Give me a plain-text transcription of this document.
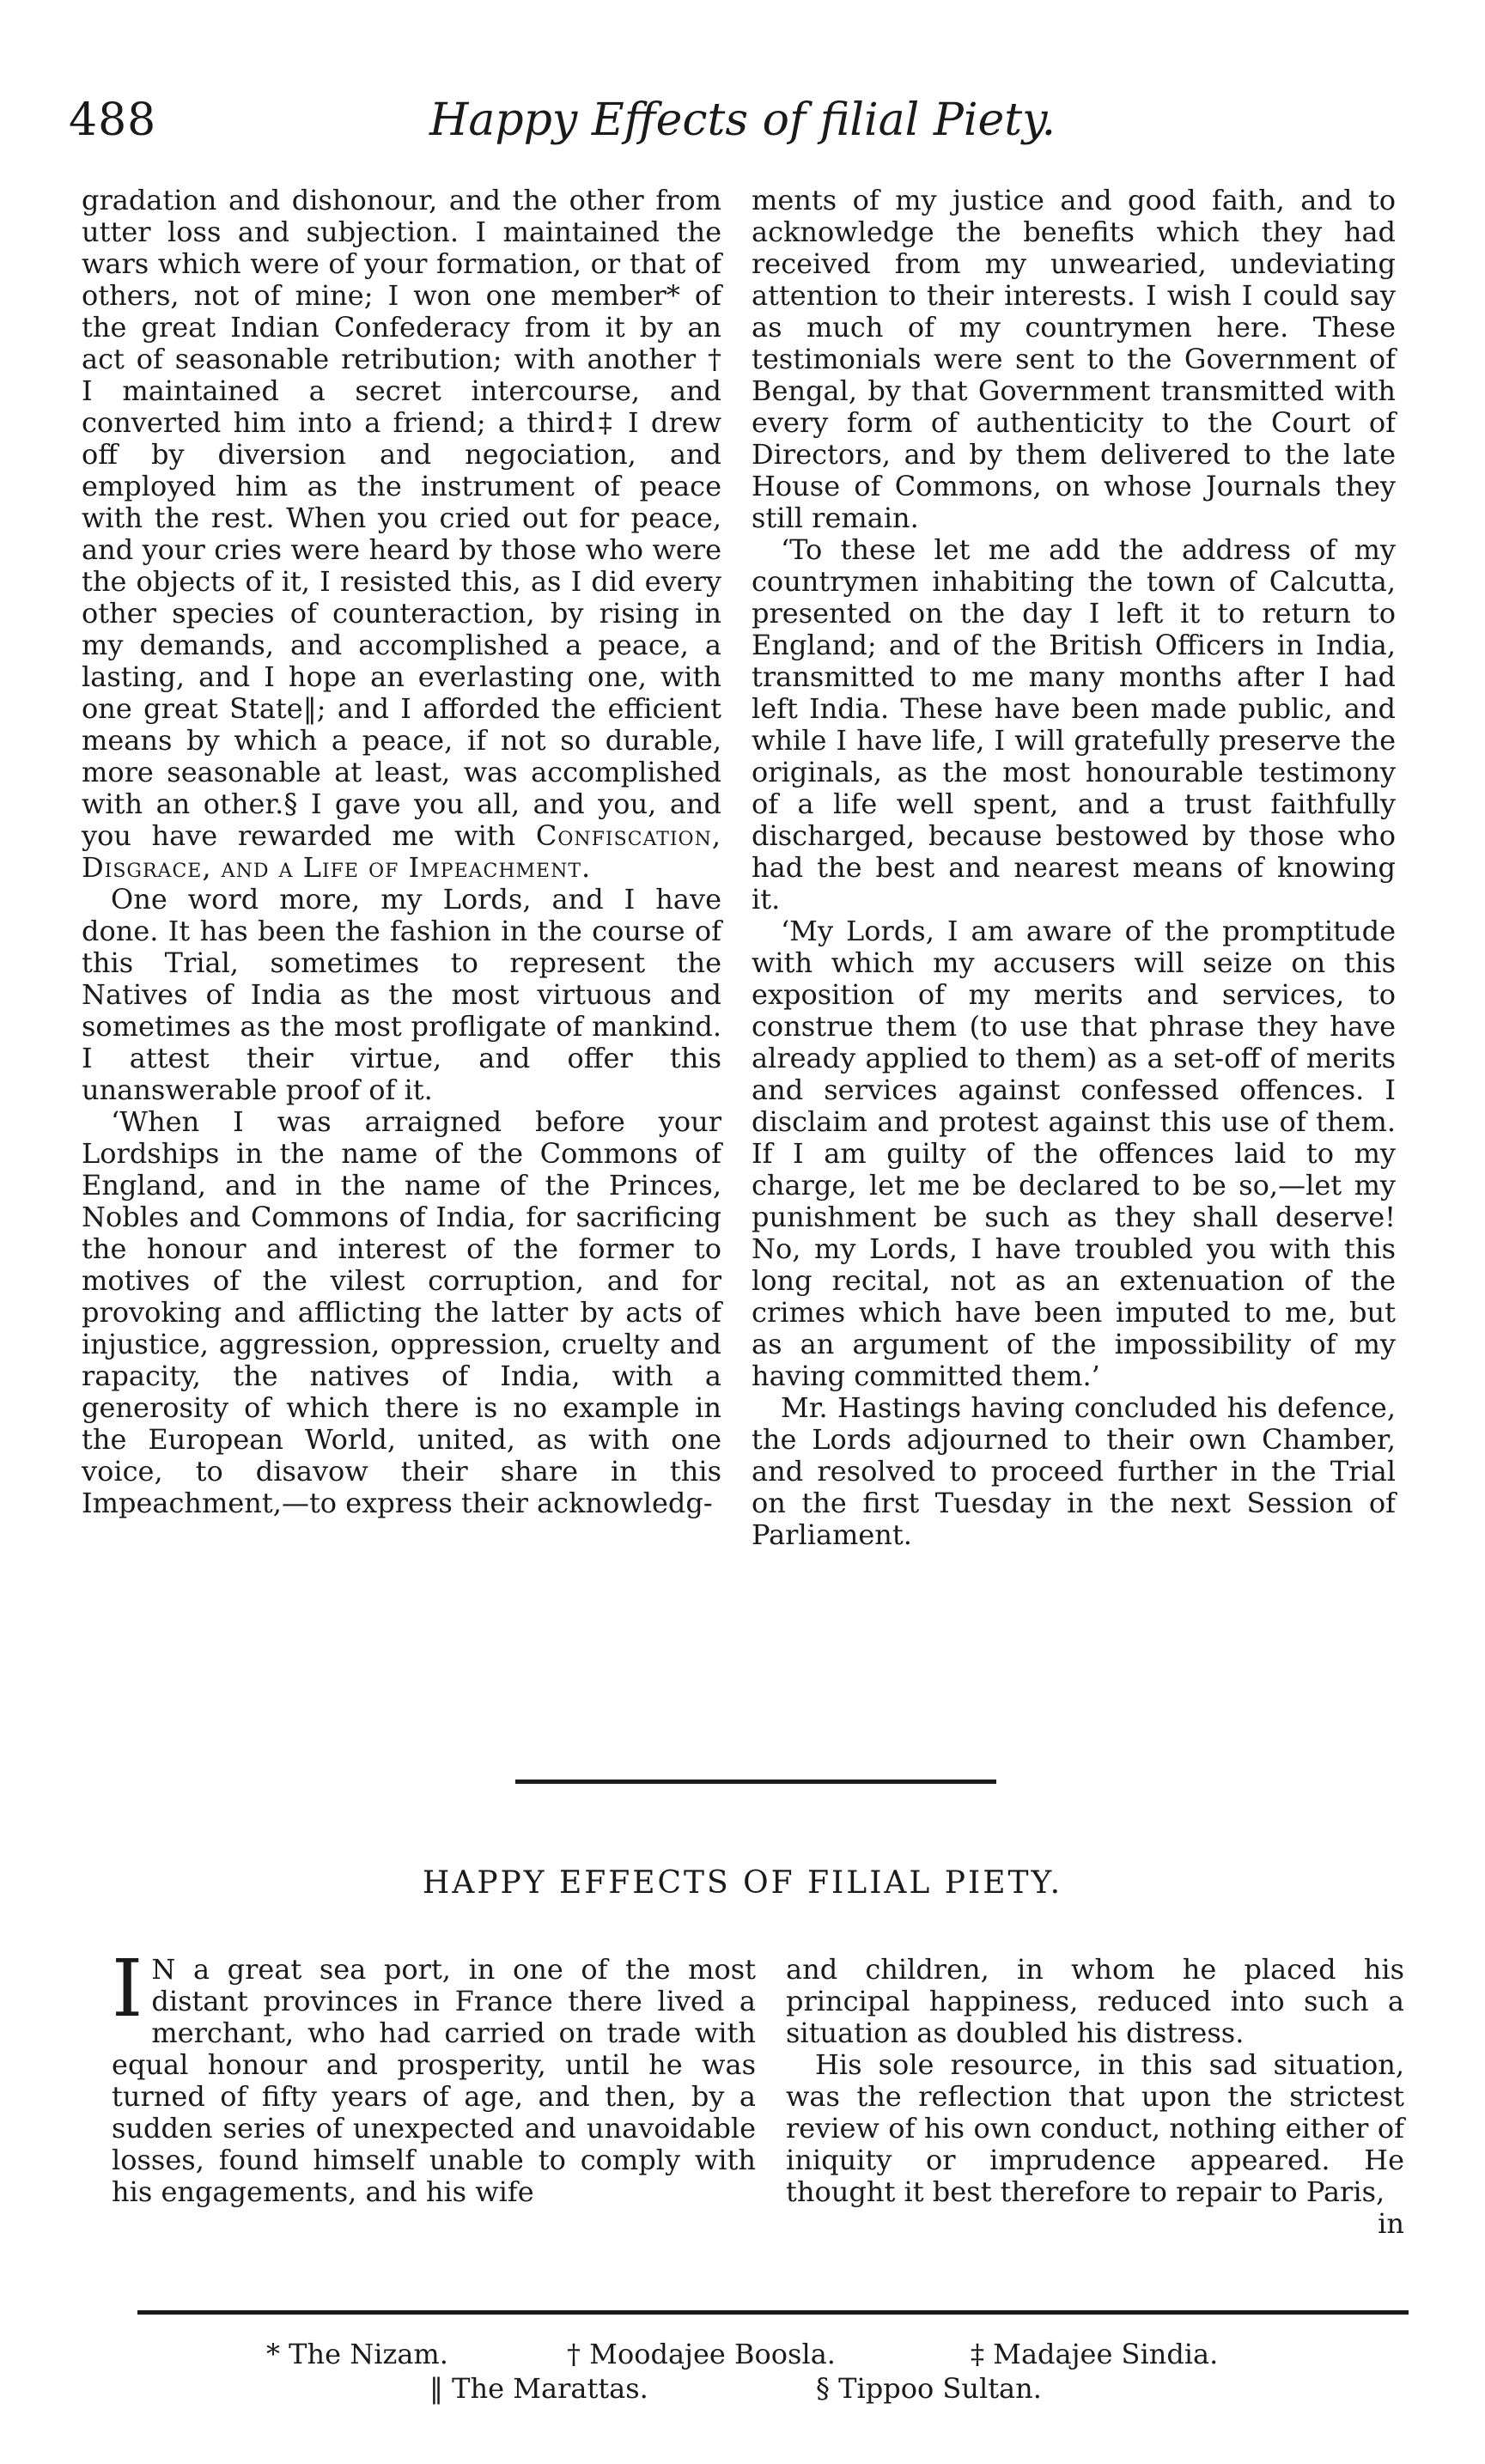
488	Happy Effects of filial Piety.

gradation and dishonour, and the other from utter loss and subjection. I maintained the wars which were of your formation, or that of others, not of mine; I won one member* of the great Indian Confederacy from it by an act of seasonable retribution; with another † I maintained a secret intercourse, and converted him into a friend; a third‡ I drew off by diversion and negociation, and employed him as the instrument of peace with the rest. When you cried out for peace, and your cries were heard by those who were the objects of it, I resisted this, as I did every other species of counteraction, by rising in my demands, and accomplished a peace, a lasting, and I hope an everlasting one, with one great State‖; and I afforded the efficient means by which a peace, if not so durable, more seasonable at least, was accomplished with an other.§ I gave you all, and you, and you have rewarded me with Confiscation, Disgrace, and a Life of Impeachment.

One word more, my Lords, and I have done. It has been the fashion in the course of this Trial, sometimes to represent the Natives of India as the most virtuous and sometimes as the most profligate of mankind. I attest their virtue, and offer this unanswerable proof of it.

‘When I was arraigned before your Lordships in the name of the Commons of England, and in the name of the Princes, Nobles and Commons of India, for sacrificing the honour and interest of the former to motives of the vilest corruption, and for provoking and afflicting the latter by acts of injustice, aggression, oppression, cruelty and rapacity, the natives of India, with a generosity of which there is no example in the European World, united, as with one voice, to disavow their share in this Impeachment,—to express their acknowledg-

ments of my justice and good faith, and to acknowledge the benefits which they had received from my unwearied, undeviating attention to their interests. I wish I could say as much of my countrymen here. These testimonials were sent to the Government of Bengal, by that Government transmitted with every form of authenticity to the Court of Directors, and by them delivered to the late House of Commons, on whose Journals they still remain.

‘To these let me add the address of my countrymen inhabiting the town of Calcutta, presented on the day I left it to return to England; and of the British Officers in India, transmitted to me many months after I had left India. These have been made public, and while I have life, I will gratefully preserve the originals, as the most honourable testimony of a life well spent, and a trust faithfully discharged, because bestowed by those who had the best and nearest means of knowing it.

‘My Lords, I am aware of the promptitude with which my accusers will seize on this exposition of my merits and services, to construe them (to use that phrase they have already applied to them) as a set-off of merits and services against confessed offences. I disclaim and protest against this use of them. If I am guilty of the offences laid to my charge, let me be declared to be so,—let my punishment be such as they shall deserve! No, my Lords, I have troubled you with this long recital, not as an extenuation of the crimes which have been imputed to me, but as an argument of the impossibility of my having committed them.’

Mr. Hastings having concluded his defence, the Lords adjourned to their own Chamber, and resolved to proceed further in the Trial on the first Tuesday in the next Session of Parliament.

HAPPY EFFECTS OF FILIAL PIETY.

I N a great sea port, in one of the most distant provinces in France there lived a merchant, who had carried on trade with equal honour and prosperity, until he was turned of fifty years of age, and then, by a sudden series of unexpected and unavoidable losses, found himself unable to comply with his engagements, and his wife

and children, in whom he placed his principal happiness, reduced into such a situation as doubled his distress.

His sole resource, in this sad situation, was the reflection that upon the strictest review of his own conduct, nothing either of iniquity or imprudence appeared. He thought it best therefore to repair to Paris,

in

* The Nizam.	† Moodajee Boosla.	‡ Madajee Sindia.
‖ The Marattas.	§ Tippoo Sultan.
